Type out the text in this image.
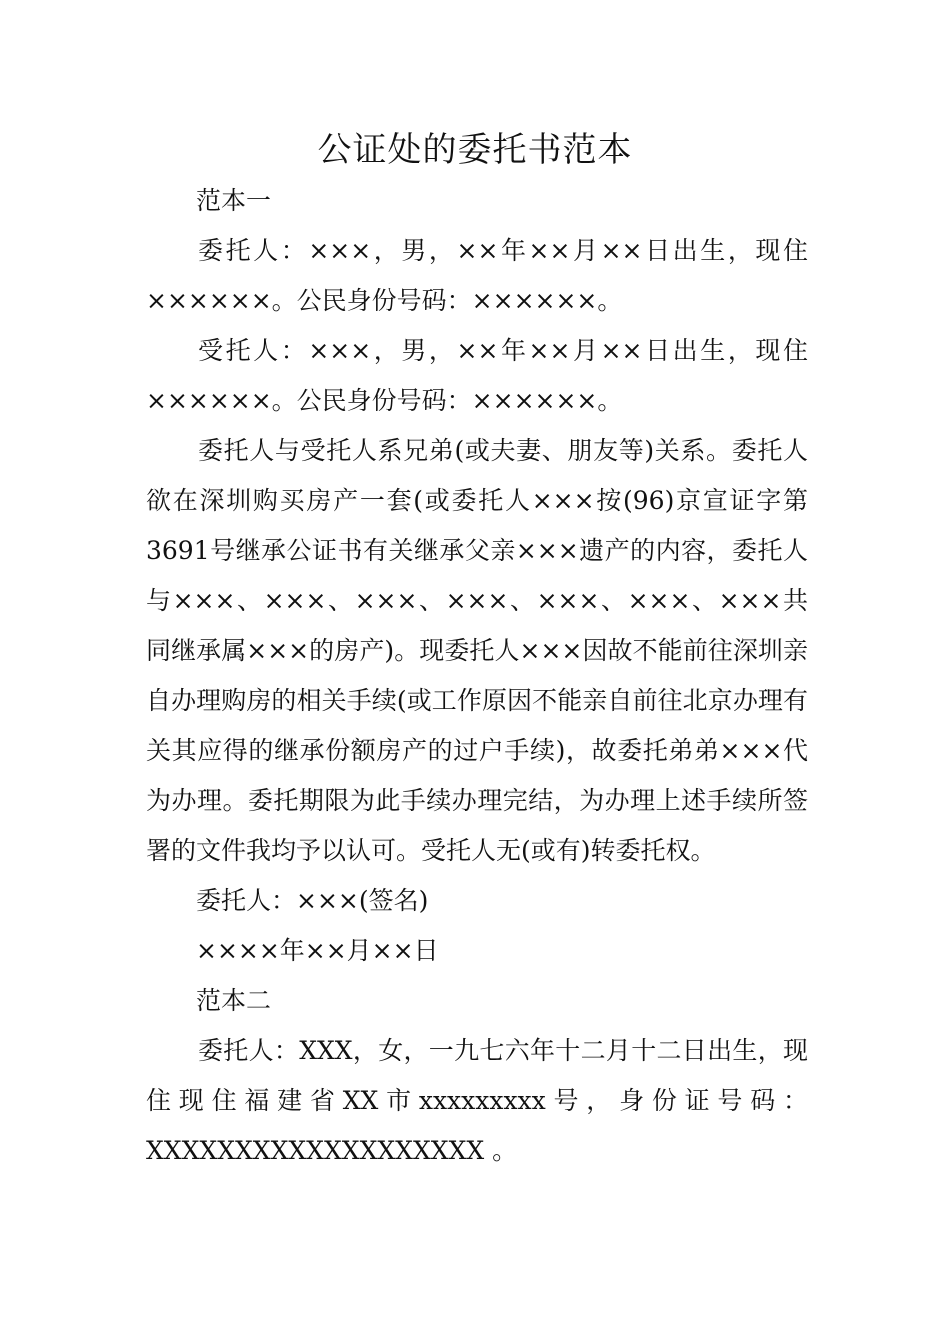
公证处的委托书范本

范本一

委托人：×××，男，××年××月××日出生，现住××××××。公民身份号码：××××××。

受托人：×××，男，××年××月××日出生，现住××××××。公民身份号码：××××××。

委托人与受托人系兄弟(或夫妻、朋友等)关系。委托人欲在深圳购买房产一套(或委托人×××按(96)京宣证字第3691号继承公证书有关继承父亲×××遗产的内容，委托人与×××、×××、×××、×××、×××、×××、×××共同继承属×××的房产)。现委托人×××因故不能前往深圳亲自办理购房的相关手续(或工作原因不能亲自前往北京办理有关其应得的继承份额房产的过户手续)，故委托弟弟×××代为办理。委托期限为此手续办理完结，为办理上述手续所签署的文件我均予以认可。受托人无(或有)转委托权。

委托人：×××(签名)

××××年××月××日

范本二

委托人：XXX，女，一九七六年十二月十二日出生，现住现住福建省XX市xxxxxxxxx号，身份证号码：

XXXXXXXXXXXXXXXXXXX 。
